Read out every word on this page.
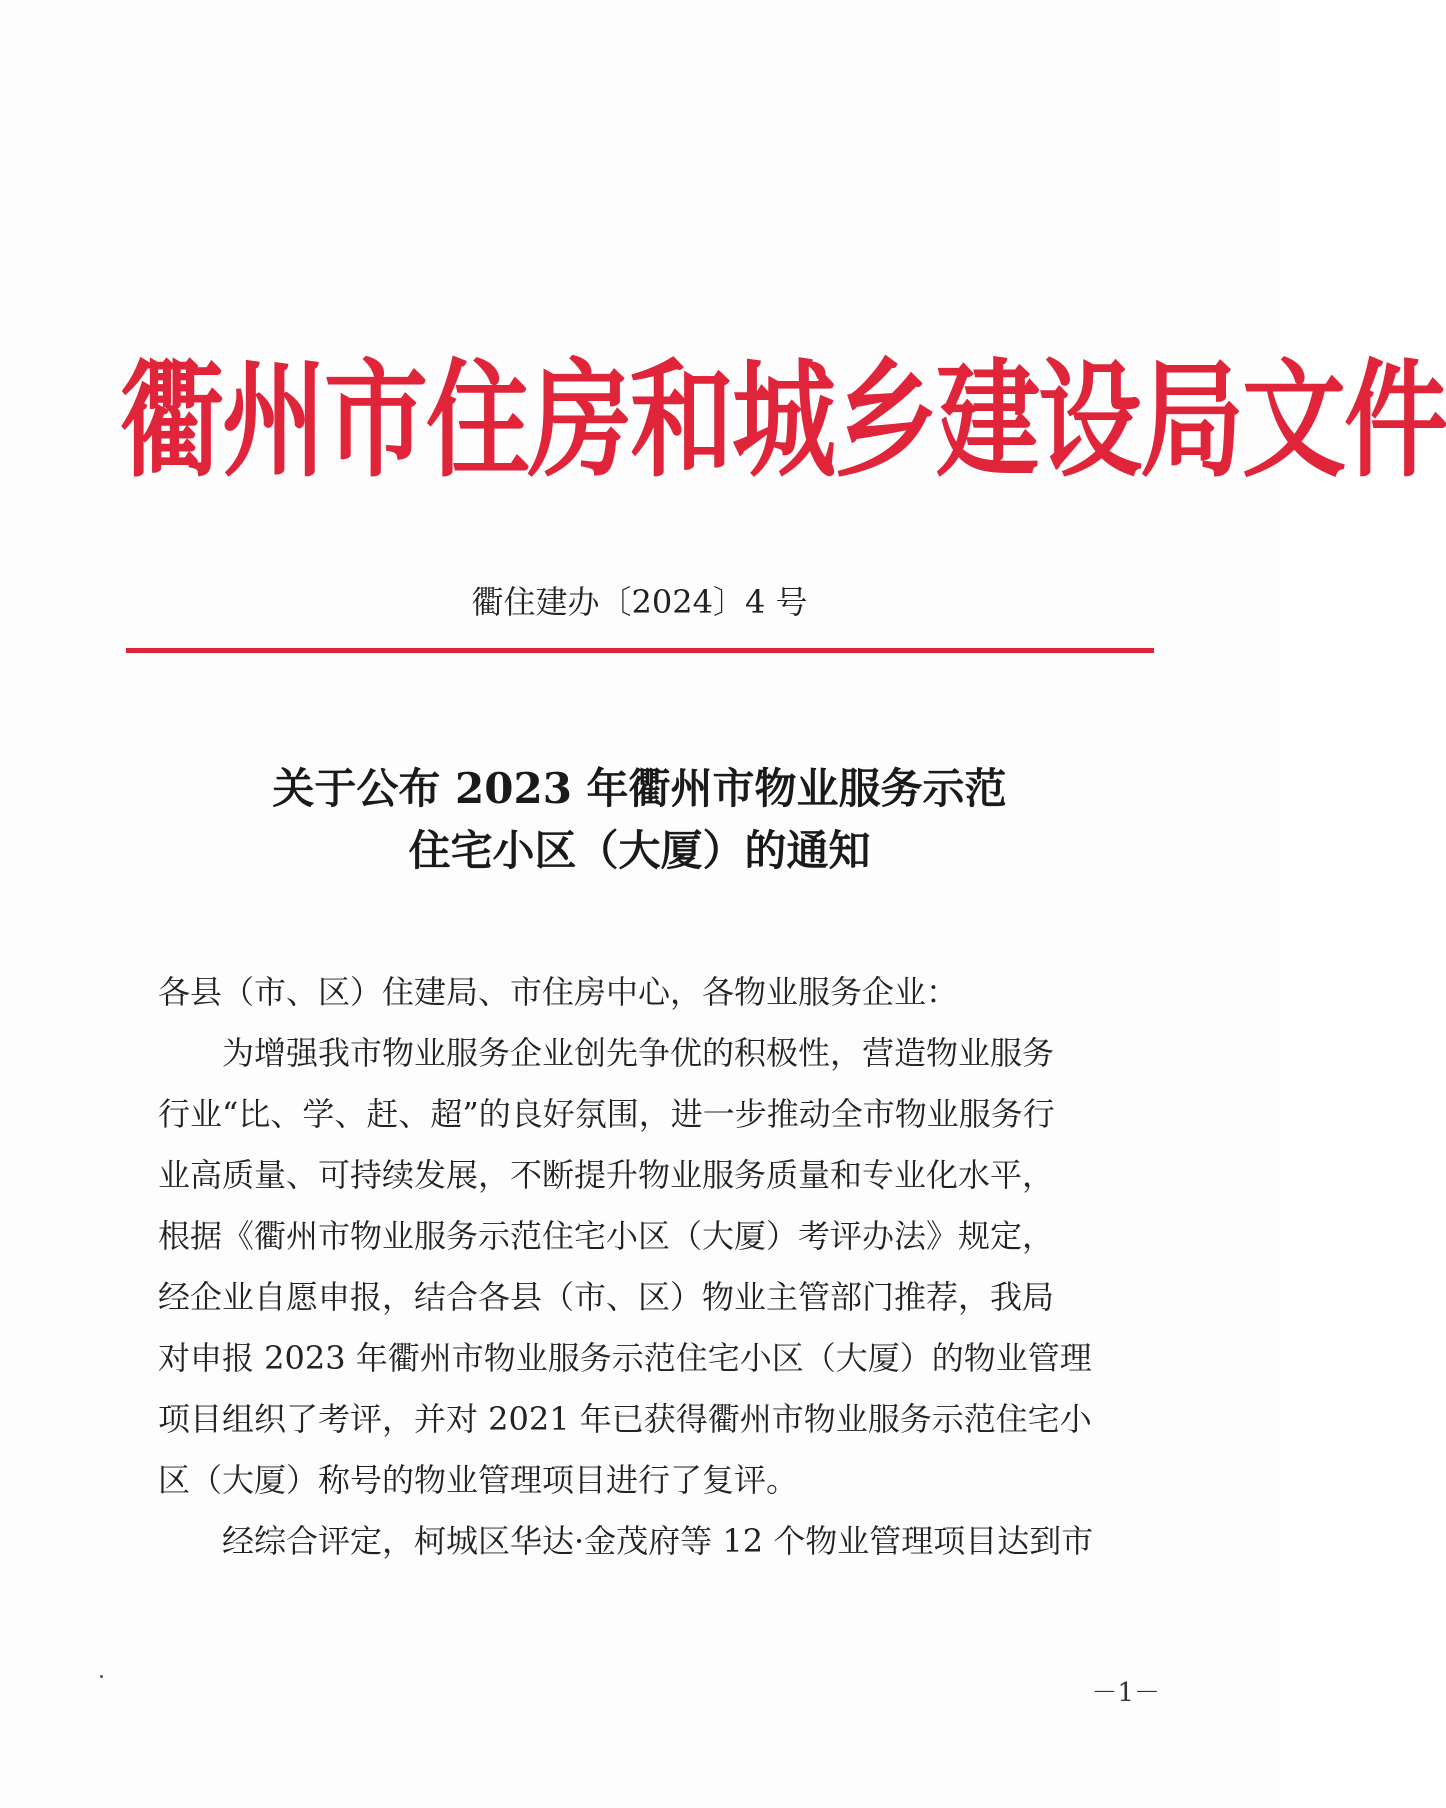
衢州市住房和城乡建设局文件
衢住建办〔2024〕4 号
关于公布 2023 年衢州市物业服务示范
住宅小区（大厦）的通知

各县（市、区）住建局、市住房中心，各物业服务企业：

为增强我市物业服务企业创先争优的积极性，营造物业服务

行业“比、学、赶、超”的良好氛围，进一步推动全市物业服务行

业高质量、可持续发展，不断提升物业服务质量和专业化水平，

根据《衢州市物业服务示范住宅小区（大厦）考评办法》规定，

经企业自愿申报，结合各县（市、区）物业主管部门推荐，我局

对申报 2023 年衢州市物业服务示范住宅小区（大厦）的物业管理

项目组织了考评，并对 2021 年已获得衢州市物业服务示范住宅小

区（大厦）称号的物业管理项目进行了复评。

经综合评定，柯城区华达·金茂府等 12 个物业管理项目达到市

－1－
